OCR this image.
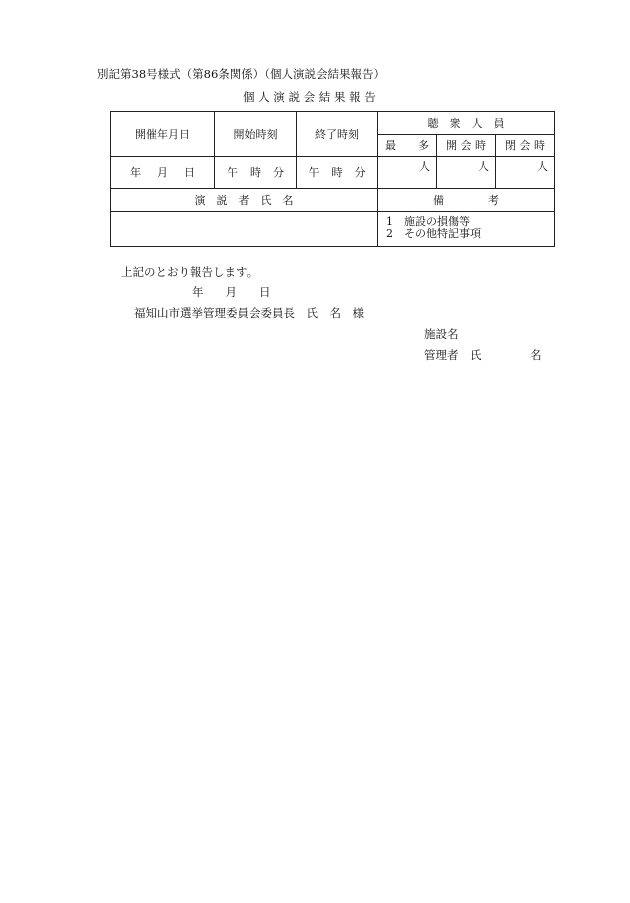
別記第38号様式（第86条関係）（個人演説会結果報告）
個 人 演 説 会 結 果 報 告
開催年月日	開始時刻	終了時刻	聴　衆　人　員		
			最　　多	開 会 時	閉 会 時
年 月 日	午 時 分	午 時 分	人	人	人
演　説　者　氏　名			備　　　　考		

			1　施設の損傷等
2　その他特記事項		
上記のとおり報告します。
年 月 日
福知山市選挙管理委員会委員長　氏　名　様
施設名
管理者　氏	名
